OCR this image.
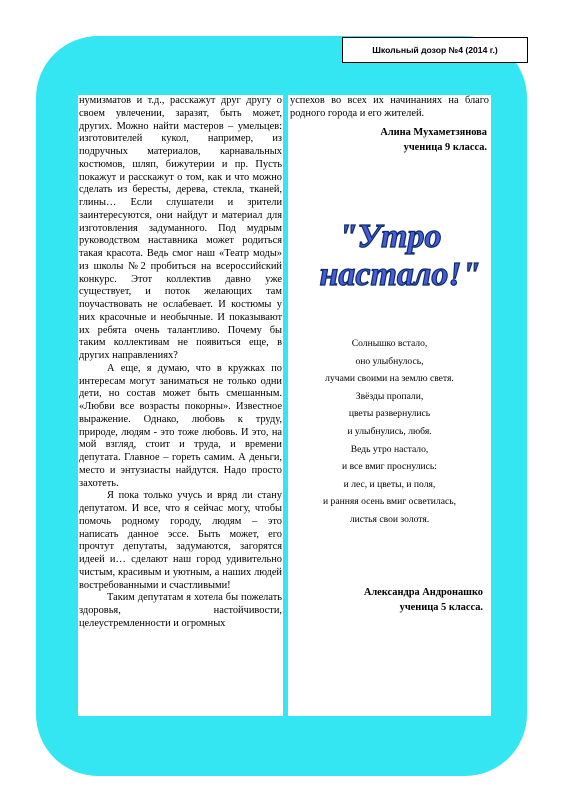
Школьный дозор №4 (2014 г.)

нумизматов и т.д., расскажут друг другу о своем увлечении, заразят, быть может, других. Можно найти мастеров – умельцев: изготовителей кукол, например, из подручных материалов, карнавальных костюмов, шляп, бижутерии и пр. Пусть покажут и расскажут о том, как и что можно сделать из бересты, дерева, стекла, тканей, глины… Если слушатели и зрители заинтересуются, они найдут и материал для изготовления задуманного. Под мудрым руководством наставника может родиться такая красота. Ведь смог наш «Театр моды» из школы №2 пробиться на всероссийский конкурс. Этот коллектив давно уже существует, и поток желающих там поучаствовать не ослабевает. И костюмы у них красочные и необычные. И показывают их ребята очень талантливо. Почему бы таким коллективам не появиться еще, в других направлениях?

А еще, я думаю, что в кружках по интересам могут заниматься не только одни дети, но состав может быть смешанным. «Любви все возрасты покорны». Известное выражение. Однако, любовь к труду, природе, людям - это тоже любовь. И это, на мой взгляд, стоит и труда, и времени депутата. Главное – гореть самим. А деньги, место и энтузиасты найдутся. Надо просто захотеть.

Я пока только учусь и вряд ли стану депутатом. И все, что я сейчас могу, чтобы помочь родному городу, людям – это написать данное эссе. Быть может, его прочтут депутаты, задумаются, загорятся идеей и… сделают наш город удивительно чистым, красивым и уютным, а наших людей востребованными и счастливыми!

Таким депутатам я хотела бы пожелать здоровья, настойчивости, целеустремленности и огромных

успехов во всех их начинаниях на благо родного города и его жителей.

Алина Мухаметзянова
ученица 9 класса.
"Утро
настало!"
Солнышко встало,
оно улыбнулось,
лучами своими на землю светя.
Звёзды пропали,
цветы развернулись
и улыбнулись, любя.
Ведь утро настало,
и все вмиг проснулись:
и лес, и цветы, и поля,
и ранняя осень вмиг осветилась,
листья свои золотя.
Александра Андронашко
ученица 5 класса.
